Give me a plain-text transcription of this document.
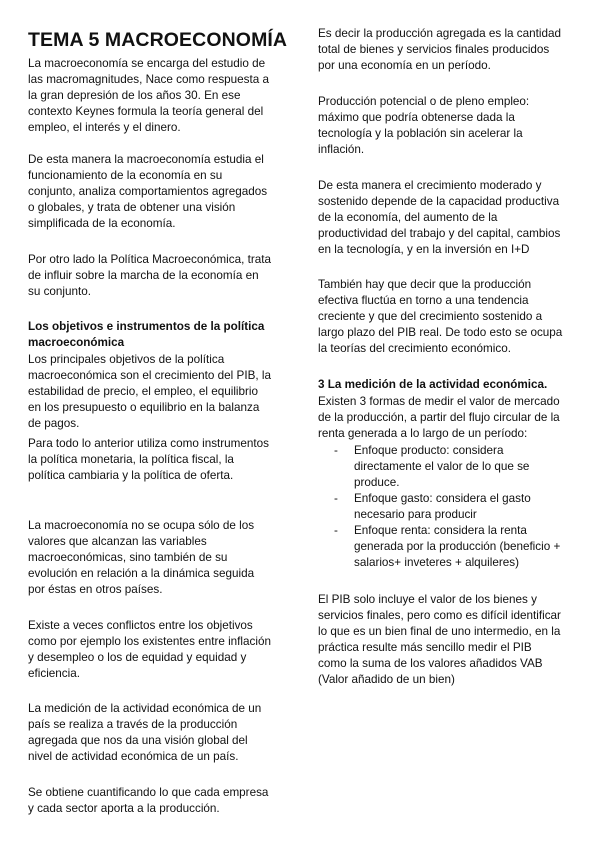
TEMA 5 MACROECONOMÍA

La macroeconomía se encarga del estudio de
las macromagnitudes, Nace como respuesta a
la gran depresión de los años 30. En ese
contexto Keynes formula la teoría general del
empleo, el interés y el dinero.

De esta manera la macroeconomía estudia el
funcionamiento de la economía en su
conjunto, analiza comportamientos agregados
o globales, y trata de obtener una visión
simplificada de la economía.

Por otro lado la Política Macroeconómica, trata
de influir sobre la marcha de la economía en
su conjunto.

Los objetivos e instrumentos de la política
macroeconómica

Los principales objetivos de la política
macroeconómica son el crecimiento del PIB, la
estabilidad de precio, el empleo, el equilibrio
en los presupuesto o equilibrio en la balanza
de pagos.

Para todo lo anterior utiliza como instrumentos
la política monetaria, la política fiscal, la
política cambiaria y la política de oferta.

La macroeconomía no se ocupa sólo de los
valores que alcanzan las variables
macroeconómicas, sino también de su
evolución en relación a la dinámica seguida
por éstas en otros países.

Existe a veces conflictos entre los objetivos
como por ejemplo los existentes entre inflación
y desempleo o los de equidad y equidad y
eficiencia.

La medición de la actividad económica de un
país se realiza a través de la producción
agregada que nos da una visión global del
nivel de actividad económica de un país.

Se obtiene cuantificando lo que cada empresa
y cada sector aporta a la producción.

Es decir la producción agregada es la cantidad
total de bienes y servicios finales producidos
por una economía en un período.

Producción potencial o de pleno empleo:
máximo que podría obtenerse dada la
tecnología y la población sin acelerar la
inflación.

De esta manera el crecimiento moderado y
sostenido depende de la capacidad productiva
de la economía, del aumento de la
productividad del trabajo y del capital, cambios
en la tecnología, y en la inversión en I+D

También hay que decir que la producción
efectiva fluctúa en torno a una tendencia
creciente y que del crecimiento sostenido a
largo plazo del PIB real. De todo esto se ocupa
la teorías del crecimiento económico.

3 La medición de la actividad económica.

Existen 3 formas de medir el valor de mercado
de la producción, a partir del flujo circular de la
renta generada a lo largo de un período:

- Enfoque producto: considera
directamente el valor de lo que se
produce.
- Enfoque gasto: considera el gasto
necesario para producir
- Enfoque renta: considera la renta
generada por la producción (beneficio +
salarios+ inveteres + alquileres)

El PIB solo incluye el valor de los bienes y
servicios finales, pero como es difícil identificar
lo que es un bien final de uno intermedio, en la
práctica resulte más sencillo medir el PIB
como la suma de los valores añadidos VAB
(Valor añadido de un bien)
